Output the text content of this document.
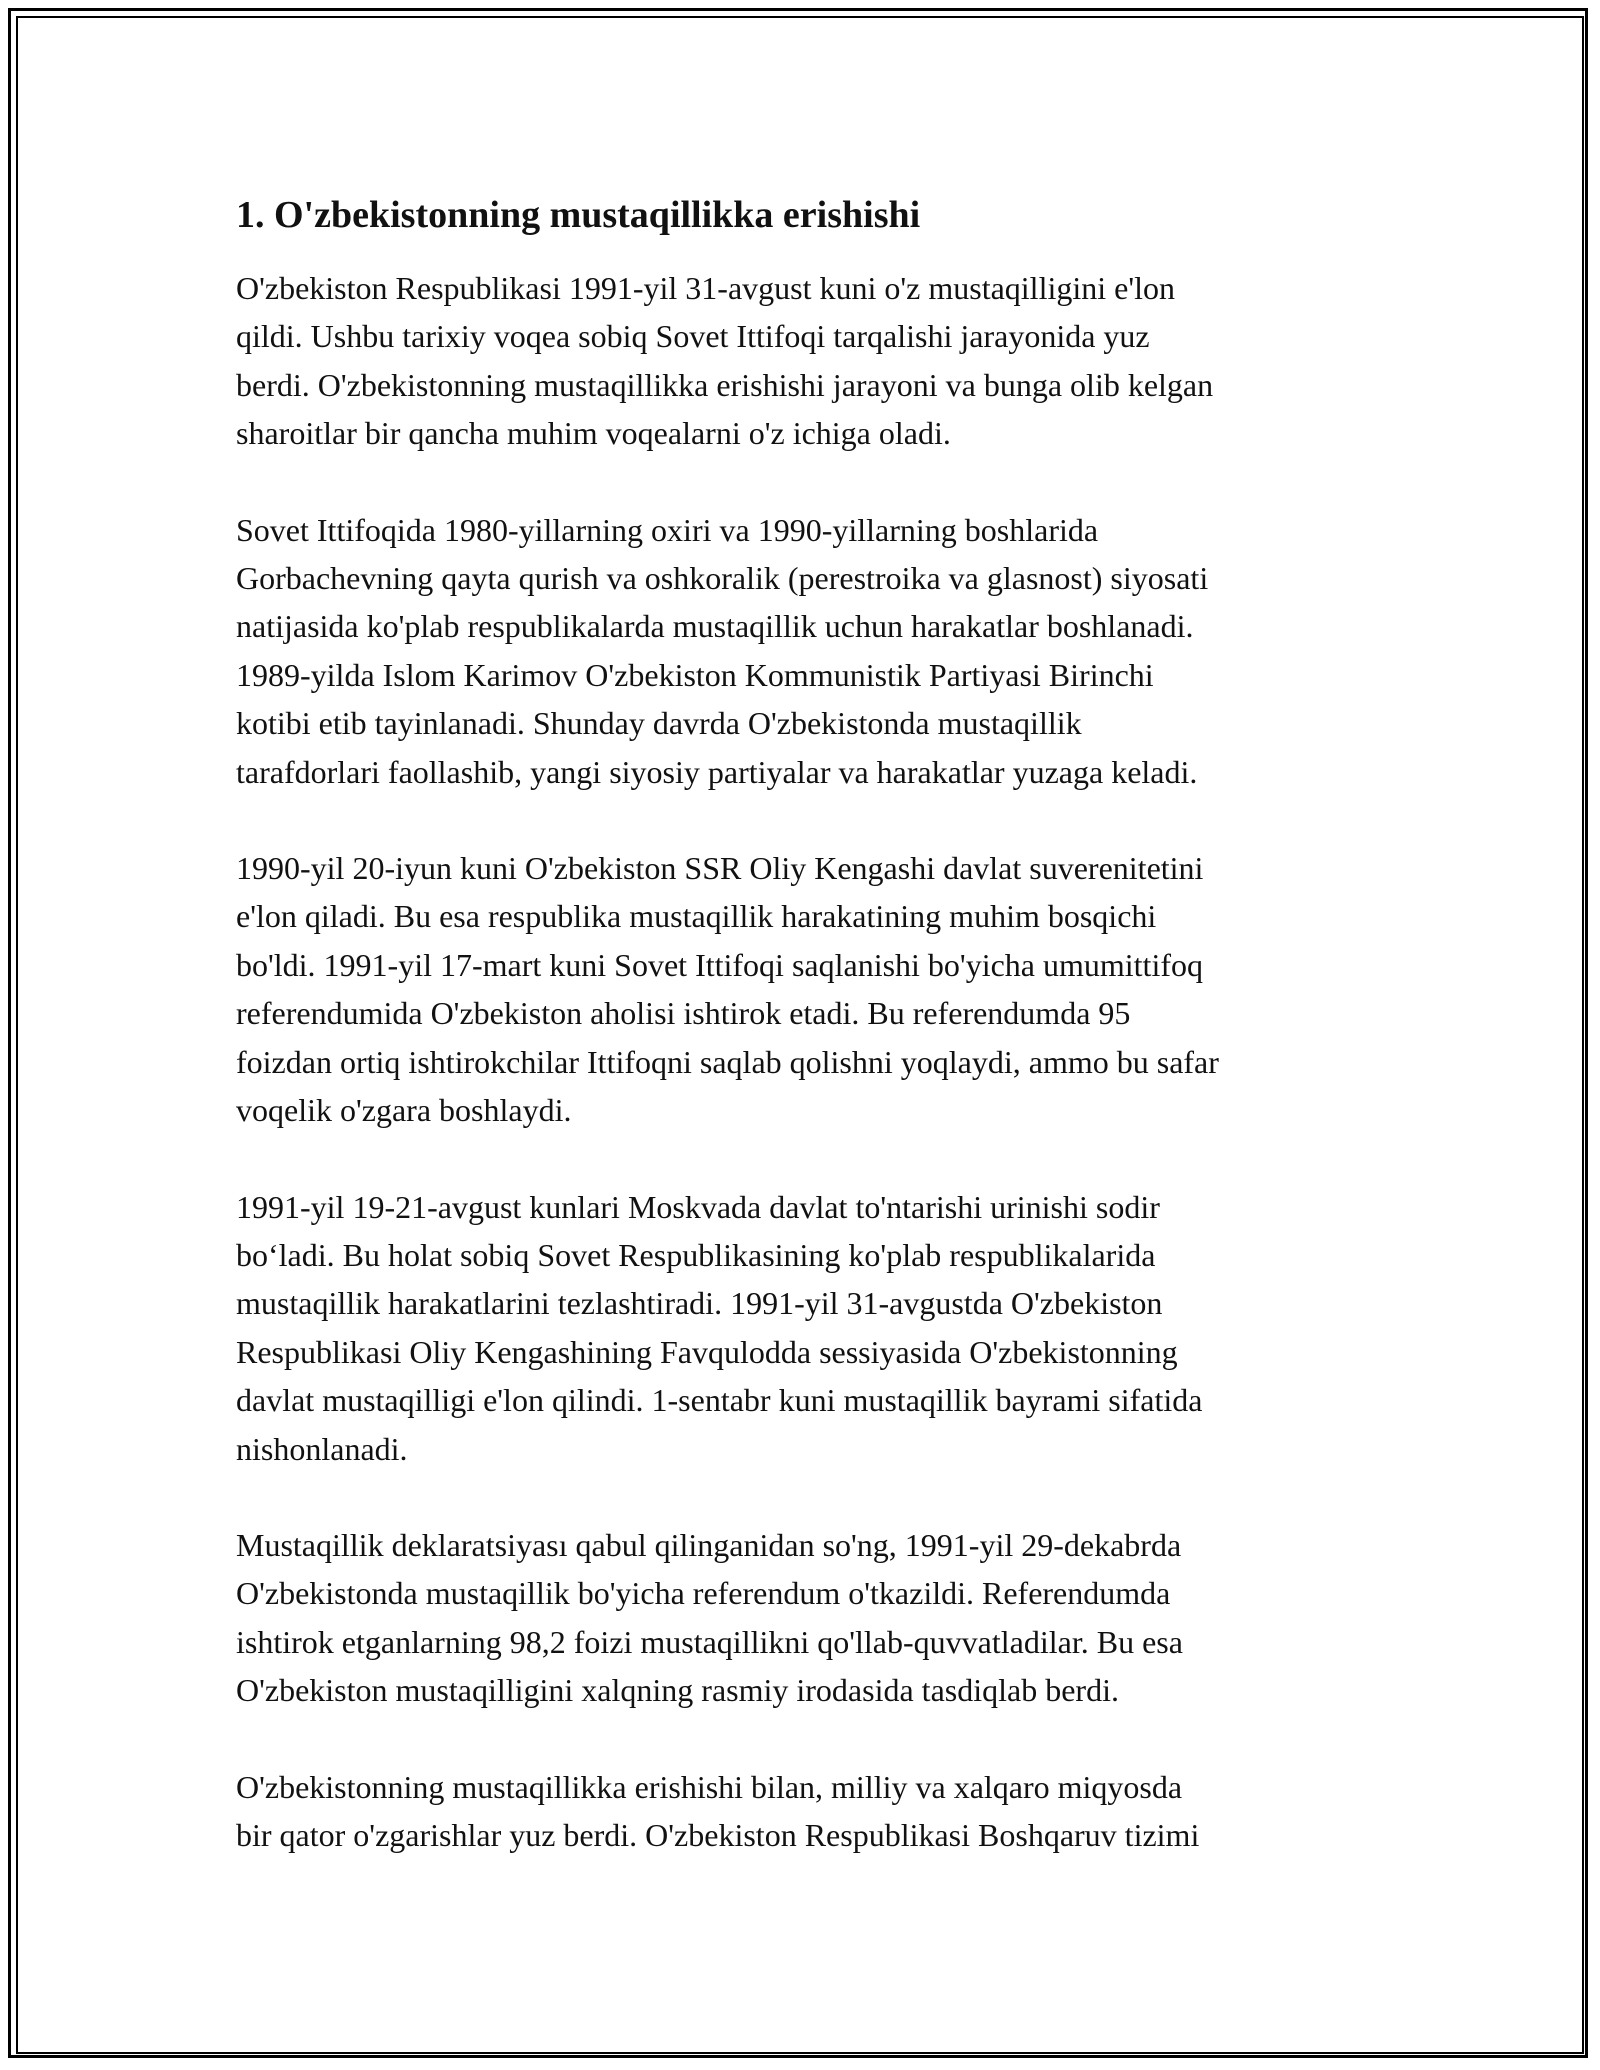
1. O'zbekistonning mustaqillikka erishishi
O'zbekiston Respublikasi 1991-yil 31-avgust kuni o'z mustaqilligini e'lon
qildi. Ushbu tarixiy voqea sobiq Sovet Ittifoqi tarqalishi jarayonida yuz
berdi. O'zbekistonning mustaqillikka erishishi jarayoni va bunga olib kelgan
sharoitlar bir qancha muhim voqealarni o'z ichiga oladi.
Sovet Ittifoqida 1980-yillarning oxiri va 1990-yillarning boshlarida
Gorbachevning qayta qurish va oshkoralik (perestroika va glasnost) siyosati
natijasida ko'plab respublikalarda mustaqillik uchun harakatlar boshlanadi.
1989-yilda Islom Karimov O'zbekiston Kommunistik Partiyasi Birinchi
kotibi etib tayinlanadi. Shunday davrda O'zbekistonda mustaqillik
tarafdorlari faollashib, yangi siyosiy partiyalar va harakatlar yuzaga keladi.
1990-yil 20-iyun kuni O'zbekiston SSR Oliy Kengashi davlat suverenitetini
e'lon qiladi. Bu esa respublika mustaqillik harakatining muhim bosqichi
bo'ldi. 1991-yil 17-mart kuni Sovet Ittifoqi saqlanishi bo'yicha umumittifoq
referendumida O'zbekiston aholisi ishtirok etadi. Bu referendumda 95
foizdan ortiq ishtirokchilar Ittifoqni saqlab qolishni yoqlaydi, ammo bu safar
voqelik o'zgara boshlaydi.
1991-yil 19-21-avgust kunlari Moskvada davlat to'ntarishi urinishi sodir
bo‘ladi. Bu holat sobiq Sovet Respublikasining ko'plab respublikalarida
mustaqillik harakatlarini tezlashtiradi. 1991-yil 31-avgustda O'zbekiston
Respublikasi Oliy Kengashining Favqulodda sessiyasida O'zbekistonning
davlat mustaqilligi e'lon qilindi. 1-sentabr kuni mustaqillik bayrami sifatida
nishonlanadi.
Mustaqillik deklaratsiyası qabul qilinganidan so'ng, 1991-yil 29-dekabrda
O'zbekistonda mustaqillik bo'yicha referendum o'tkazildi. Referendumda
ishtirok etganlarning 98,2 foizi mustaqillikni qo'llab-quvvatladilar. Bu esa
O'zbekiston mustaqilligini xalqning rasmiy irodasida tasdiqlab berdi.
O'zbekistonning mustaqillikka erishishi bilan, milliy va xalqaro miqyosda
bir qator o'zgarishlar yuz berdi. O'zbekiston Respublikasi Boshqaruv tizimi
